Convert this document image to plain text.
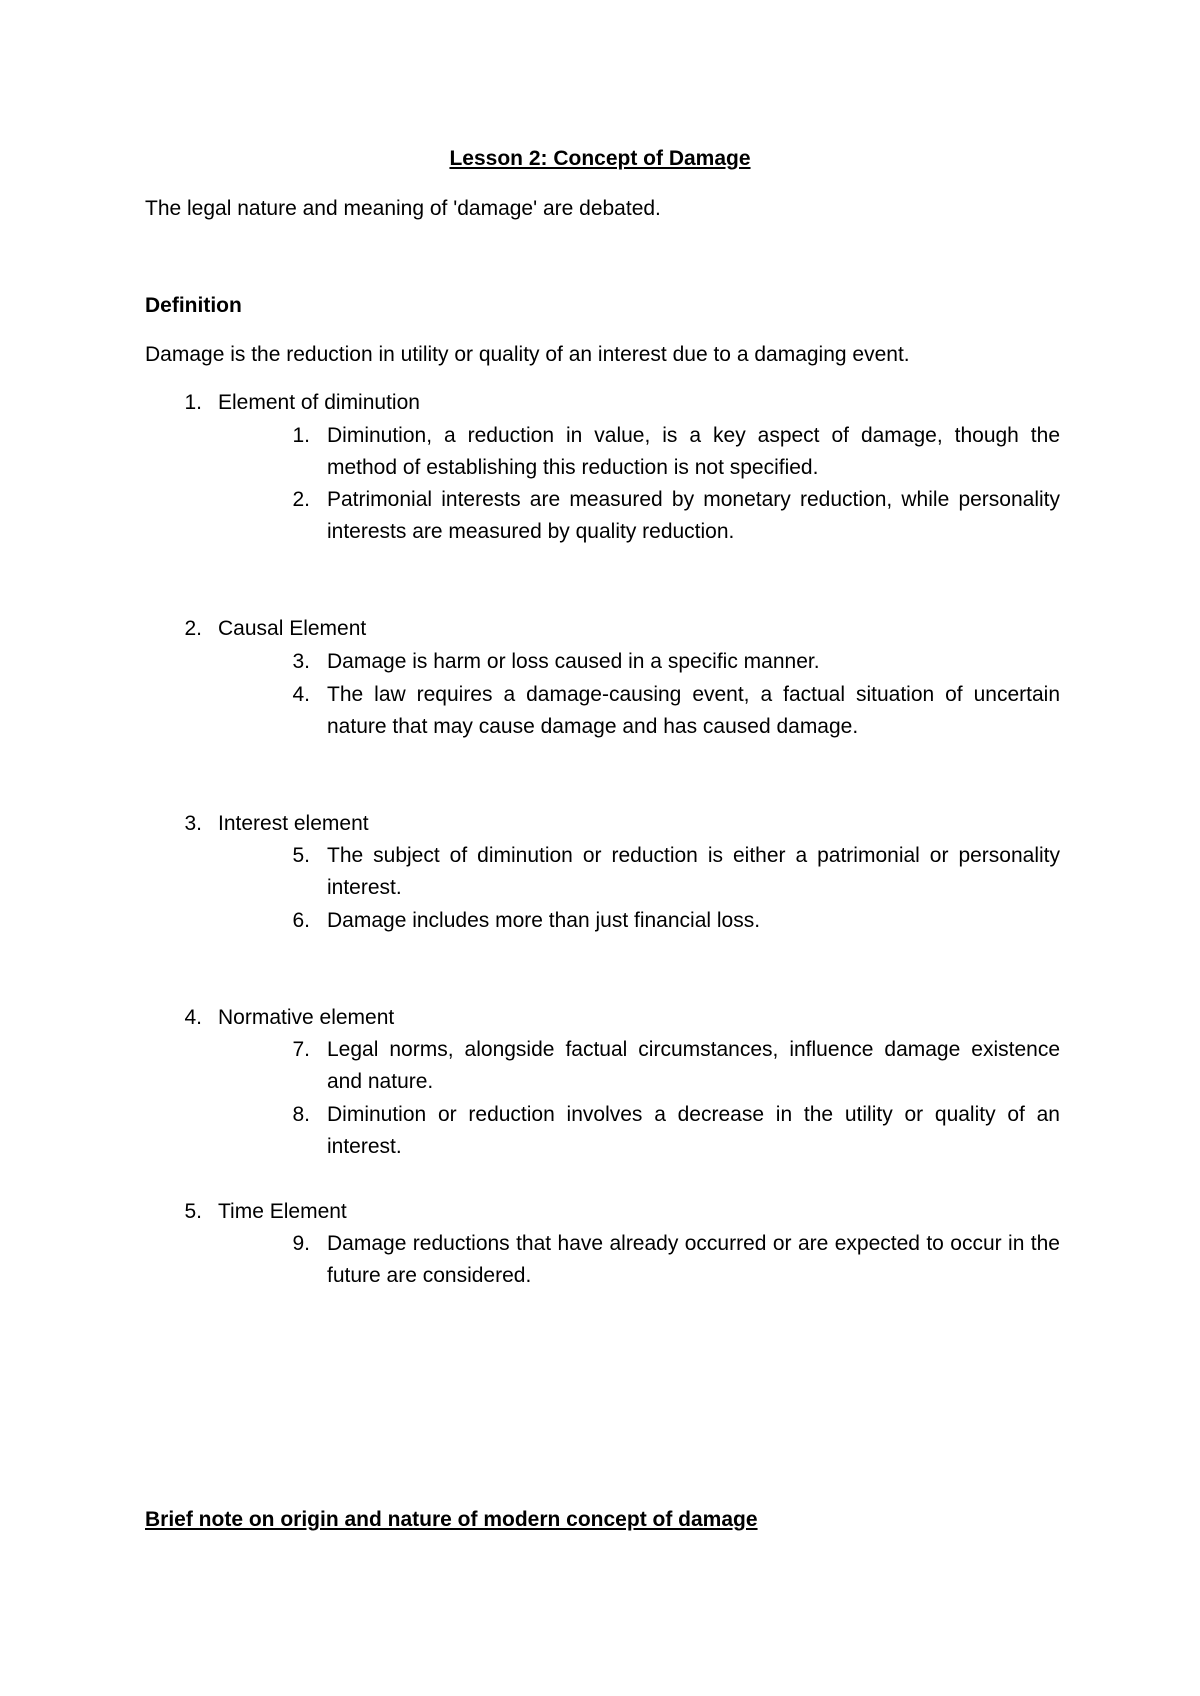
Lesson 2: Concept of Damage
The legal nature and meaning of 'damage' are debated.
Definition
Damage is the reduction in utility or quality of an interest due to a damaging event.
1. Element of diminution
1. Diminution, a reduction in value, is a key aspect of damage, though the method of establishing this reduction is not specified.
2. Patrimonial interests are measured by monetary reduction, while personality interests are measured by quality reduction.
2. Causal Element
3. Damage is harm or loss caused in a specific manner.
4. The law requires a damage-causing event, a factual situation of uncertain nature that may cause damage and has caused damage.
3. Interest element
5. The subject of diminution or reduction is either a patrimonial or personality interest.
6. Damage includes more than just financial loss.
4. Normative element
7. Legal norms, alongside factual circumstances, influence damage existence and nature.
8. Diminution or reduction involves a decrease in the utility or quality of an interest.
5. Time Element
9. Damage reductions that have already occurred or are expected to occur in the future are considered.
Brief note on origin and nature of modern concept of damage
